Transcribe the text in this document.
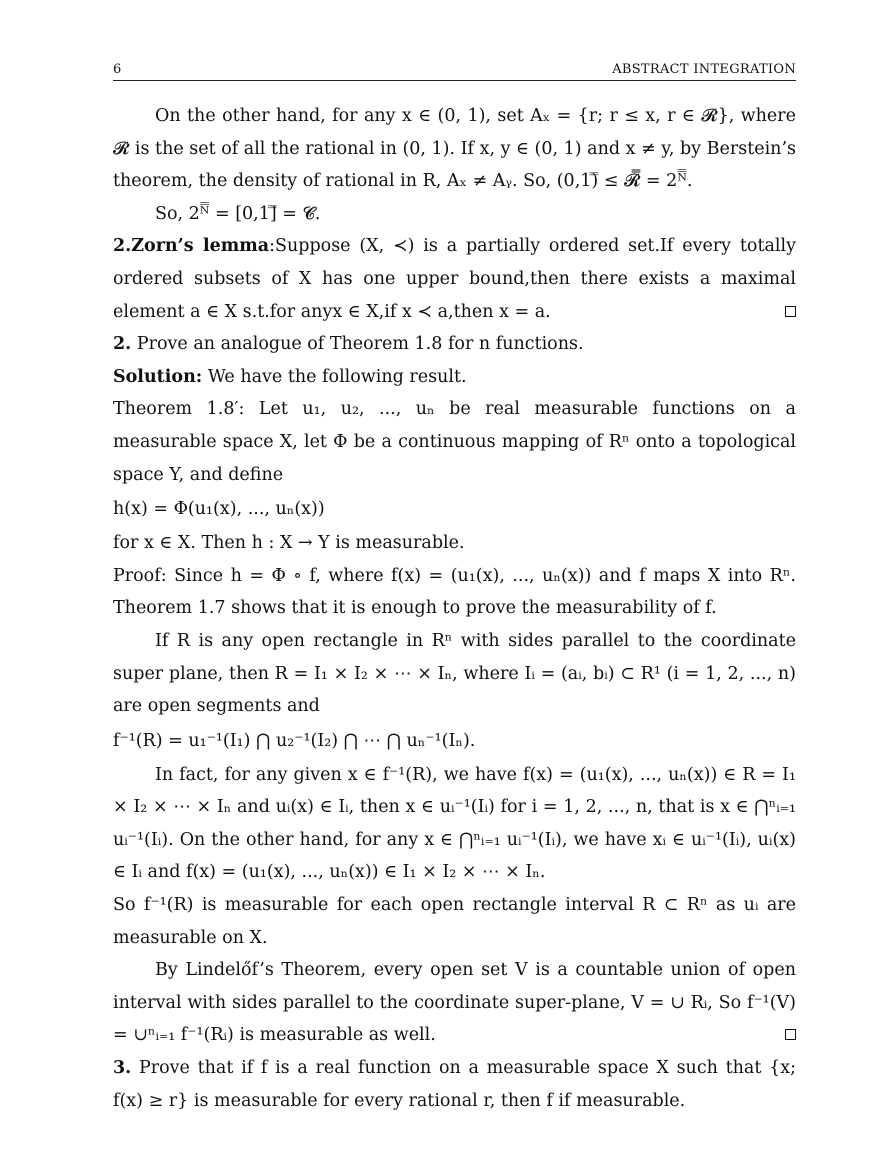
6	ABSTRACT INTEGRATION

On the other hand, for any x ∈ (0, 1), set Aₓ = {r; r ≤ x, r ∈ 𝓡}, where 𝓡 is the set of all the rational in (0, 1). If x, y ∈ (0, 1) and x ≠ y, by Berstein’s theorem, the density of rational in R, Aₓ ≠ Aᵧ. So, (0,1)̿ ≤ 𝓡̿ = 2ᴺ̿.

So, 2ᴺ̿ = [0,1]̿ = 𝓒.

2.Zorn’s lemma:Suppose (X, ≺) is a partially ordered set.If every totally ordered subsets of X has one upper bound,then there exists a maximal element a ∈ X s.t.for anyx ∈ X,if x ≺ a,then x = a.

2. Prove an analogue of Theorem 1.8 for n functions.

Solution: We have the following result.

Theorem 1.8′: Let u₁, u₂, ..., uₙ be real measurable functions on a measurable space X, let Φ be a continuous mapping of Rⁿ onto a topological space Y, and define

h(x) = Φ(u₁(x), ..., uₙ(x))

for x ∈ X. Then h : X → Y is measurable.

Proof: Since h = Φ ∘ f, where f(x) = (u₁(x), ..., uₙ(x)) and f maps X into Rⁿ. Theorem 1.7 shows that it is enough to prove the measurability of f.

If R is any open rectangle in Rⁿ with sides parallel to the coordinate super plane, then R = I₁ × I₂ × ⋯ × Iₙ, where Iᵢ = (aᵢ, bᵢ) ⊂ R¹ (i = 1, 2, ..., n) are open segments and

f⁻¹(R) = u₁⁻¹(I₁) ⋂ u₂⁻¹(I₂) ⋂ ⋯ ⋂ uₙ⁻¹(Iₙ).

In fact, for any given x ∈ f⁻¹(R), we have f(x) = (u₁(x), ..., uₙ(x)) ∈ R = I₁ × I₂ × ⋯ × Iₙ and uᵢ(x) ∈ Iᵢ, then x ∈ uᵢ⁻¹(Iᵢ) for i = 1, 2, ..., n, that is x ∈ ⋂ⁿᵢ₌₁ uᵢ⁻¹(Iᵢ). On the other hand, for any x ∈ ⋂ⁿᵢ₌₁ uᵢ⁻¹(Iᵢ), we have xᵢ ∈ uᵢ⁻¹(Iᵢ), uᵢ(x) ∈ Iᵢ and f(x) = (u₁(x), ..., uₙ(x)) ∈ I₁ × I₂ × ⋯ × Iₙ.

So f⁻¹(R) is measurable for each open rectangle interval R ⊂ Rⁿ as uᵢ are measurable on X.

By Lindelőf’s Theorem, every open set V is a countable union of open interval with sides parallel to the coordinate super-plane, V = ∪ Rᵢ, So f⁻¹(V) = ∪ⁿᵢ₌₁ f⁻¹(Rᵢ) is measurable as well.

3. Prove that if f is a real function on a measurable space X such that {x; f(x) ≥ r} is measurable for every rational r, then f if measurable.
